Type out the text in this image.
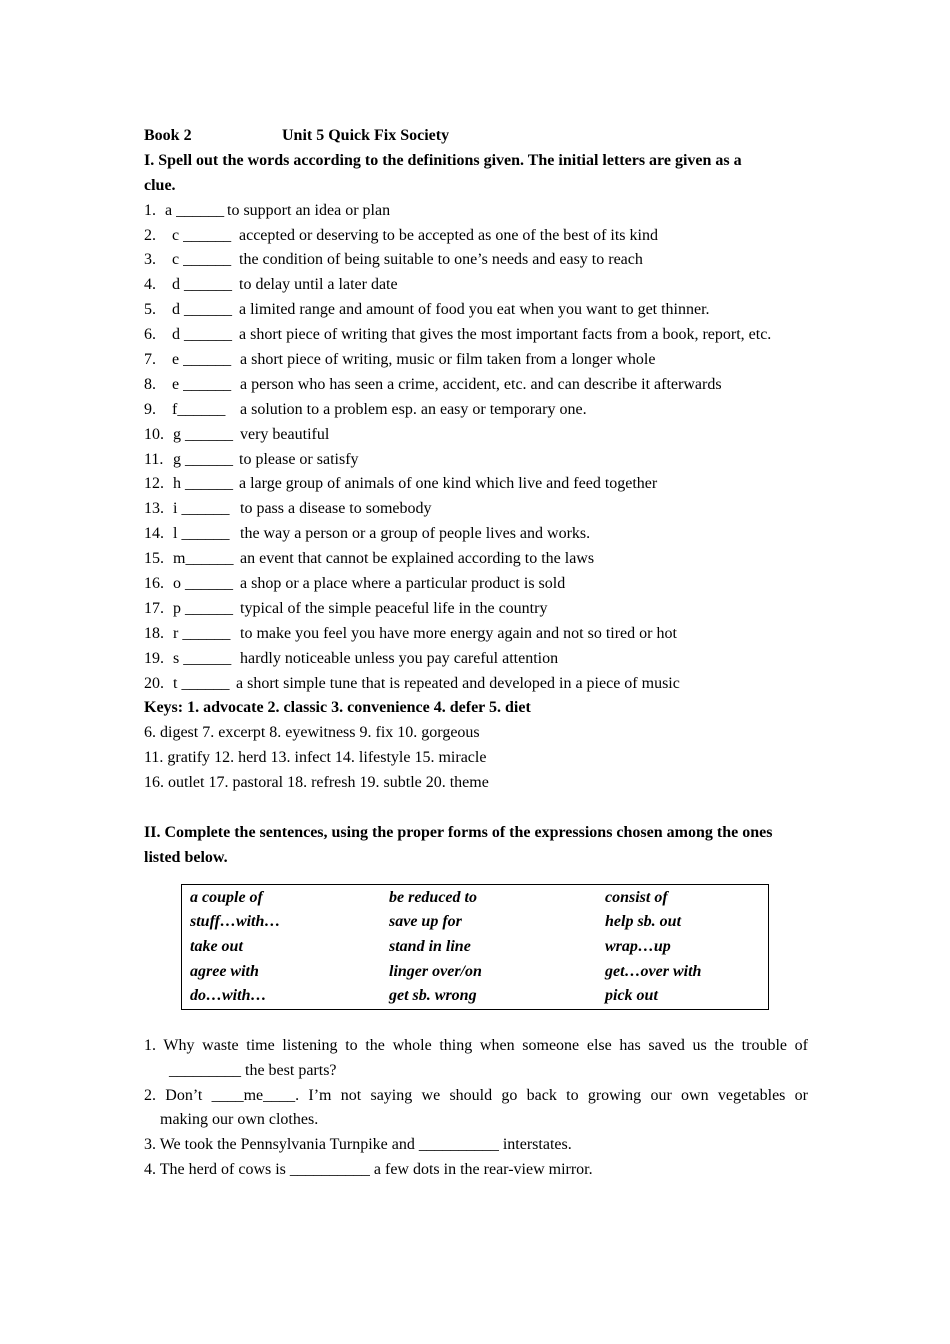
Book 2	Unit 5 Quick Fix Society
I. Spell out the words according to the definitions given. The initial letters are given as a
clue.
1. a ______ to support an idea or plan
2. c ______ accepted or deserving to be accepted as one of the best of its kind
3. c ______ the condition of being suitable to one’s needs and easy to reach
4. d ______ to delay until a later date
5. d ______ a limited range and amount of food you eat when you want to get thinner.
6. d ______ a short piece of writing that gives the most important facts from a book, report, etc.
7. e ______ a short piece of writing, music or film taken from a longer whole
8. e ______ a person who has seen a crime, accident, etc. and can describe it afterwards
9. f______ a solution to a problem esp. an easy or temporary one.
10. g ______ very beautiful
11. g ______ to please or satisfy
12. h ______ a large group of animals of one kind which live and feed together
13. i ______ to pass a disease to somebody
14. l ______ the way a person or a group of people lives and works.
15. m______ an event that cannot be explained according to the laws
16. o ______ a shop or a place where a particular product is sold
17. p ______ typical of the simple peaceful life in the country
18. r ______ to make you feel you have more energy again and not so tired or hot
19. s ______ hardly noticeable unless you pay careful attention
20. t ______ a short simple tune that is repeated and developed in a piece of music
Keys: 1. advocate 2. classic 3. convenience 4. defer 5. diet
6. digest 7. excerpt 8. eyewitness 9. fix 10. gorgeous
11. gratify 12. herd 13. infect 14. lifestyle 15. miracle
16. outlet 17. pastoral 18. refresh 19. subtle 20. theme
II. Complete the sentences, using the proper forms of the expressions chosen among the ones
listed below.
a couple of	be reduced to	consist of
stuff…with…	save up for	help sb. out
take out	stand in line	wrap…up
agree with	linger over/on	get…over with
do…with…	get sb. wrong	pick out
1. Why waste time listening to the whole thing when someone else has saved us the trouble of
_________ the best parts?
2. Don’t ____me____. I’m not saying we should go back to growing our own vegetables or
making our own clothes.
3. We took the Pennsylvania Turnpike and __________ interstates.
4. The herd of cows is __________ a few dots in the rear-view mirror.
